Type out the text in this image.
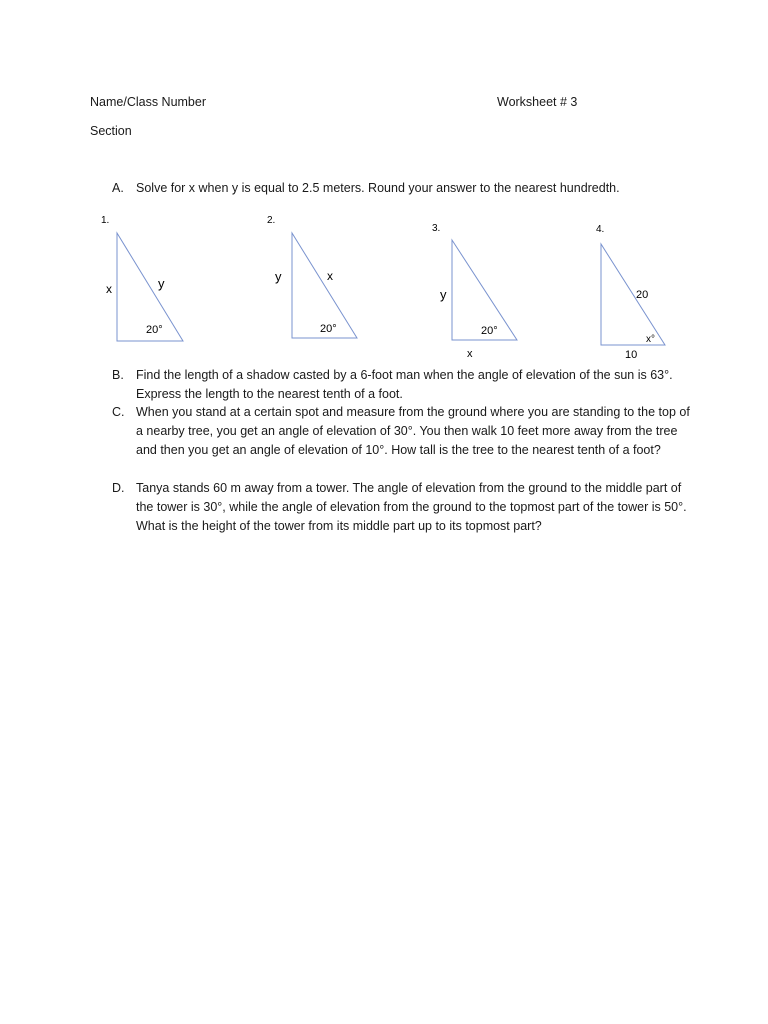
Name/Class Number	Worksheet # 3
Section
A. Solve for x when y is equal to 2.5 meters. Round your answer to the nearest hundredth.
1.
x	y
20°
2.
y	x
20°
3.
y
20°
x
4.
20
x°
10
B. Find the length of a shadow casted by a 6-foot man when the angle of elevation of the sun is 63°. Express the length to the nearest tenth of a foot.
C. When you stand at a certain spot and measure from the ground where you are standing to the top of a nearby tree, you get an angle of elevation of 30°. You then walk 10 feet more away from the tree and then you get an angle of elevation of 10°. How tall is the tree to the nearest tenth of a foot?
D. Tanya stands 60 m away from a tower. The angle of elevation from the ground to the middle part of the tower is 30°, while the angle of elevation from the ground to the topmost part of the tower is 50°. What is the height of the tower from its middle part up to its topmost part?
